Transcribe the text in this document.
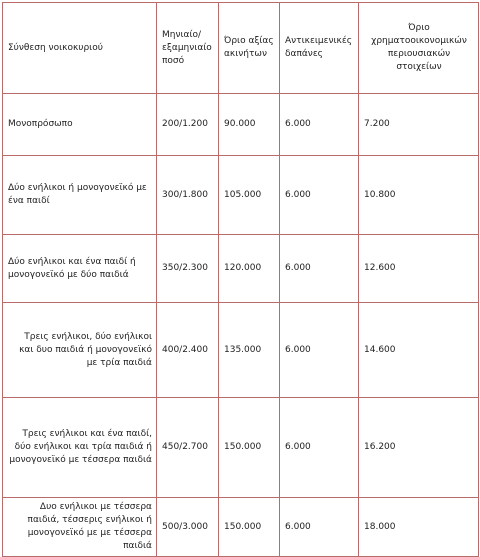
Σύνθεση νοικοκυριού	Μηνιαίο/ εξαμηνιαίο ποσό	Όριο αξίας ακινήτων	Αντικειμενικές δαπάνες	Όριο χρηματοοικονομικών περιουσιακών στοιχείων
Μονοπρόσωπο	200/1.200	90.000	6.000	7.200
Δύο ενήλικοι ή μονογονεϊκό με ένα παιδί	300/1.800	105.000	6.000	10.800
Δύο ενήλικοι και ένα παιδί ή μονογονεϊκό με δύο παιδιά	350/2.300	120.000	6.000	12.600
Τρεις ενήλικοι, δύο ενήλικοι και δυο παιδιά ή μονογονεϊκό με τρία παιδιά	400/2.400	135.000	6.000	14.600
Τρεις ενήλικοι και ένα παιδί, δύο ενήλικοι και τρία παιδιά ή μονογονεϊκό με τέσσερα παιδιά	450/2.700	150.000	6.000	16.200
Δυο ενήλικοι με τέσσερα παιδιά, τέσσερις ενήλικοι ή μονογονεϊκό με με τέσσερα παιδιά	500/3.000	150.000	6.000	18.000
